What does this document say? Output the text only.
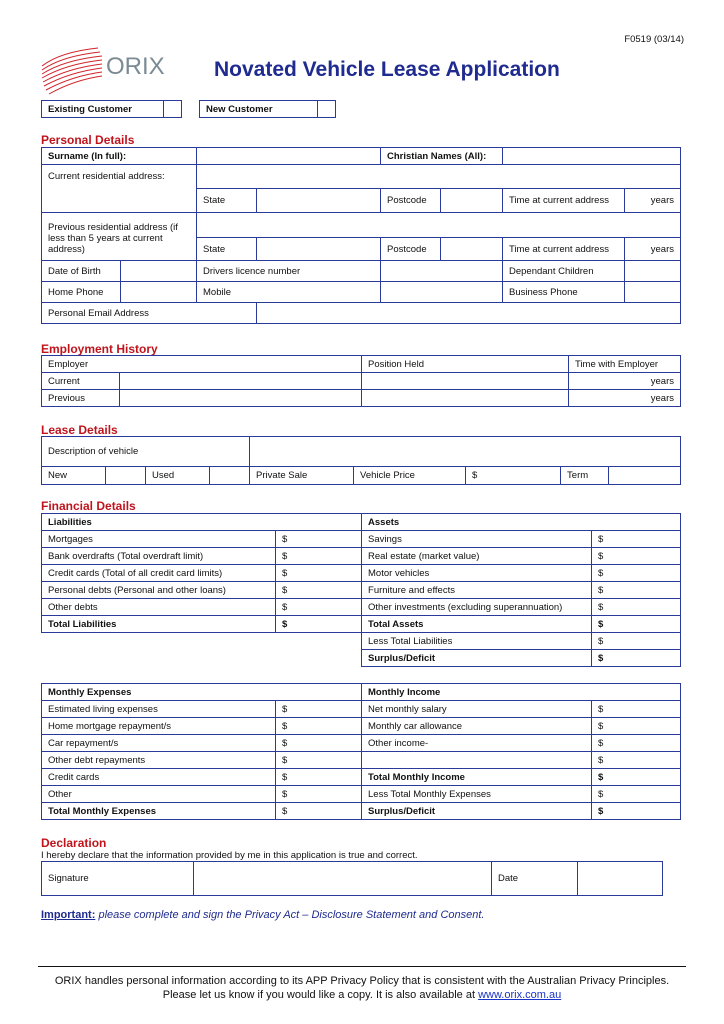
F0519 (03/14)
ORIX Novated Vehicle Lease Application
Existing Customer			New Customer	
Personal Details
Surname (In full):				Christian Names (All):			
Current residential address:							
		State		Postcode		Time at current address	years
Previous residential address (if less than 5 years at current address)							
		State		Postcode		Time at current address	years
Date of Birth		Drivers licence number				Dependant Children	
Home Phone		Mobile				Business Phone	
Personal Email Address							
Employment History
Employer		Position Held	Time with Employer
Current			years
Previous			years
Lease Details
Description of vehicle								
New		Used		Private Sale	Vehicle Price	$	Term	
Financial Details
Liabilities		Assets	
Mortgages	$	Savings	$
Bank overdrafts (Total overdraft limit)	$	Real estate (market value)	$
Credit cards (Total of all credit card limits)	$	Motor vehicles	$
Personal debts (Personal and other loans)	$	Furniture and effects	$
Other debts	$	Other investments (excluding superannuation)	$
Total Liabilities	$	Total Assets	$
		Less Total Liabilities	$
		Surplus/Deficit	$
Monthly Expenses		Monthly Income	
Estimated living expenses	$	Net monthly salary	$
Home mortgage repayment/s	$	Monthly car allowance	$
Car repayment/s	$	Other income-	$
Other debt repayments	$		$
Credit cards	$	Total Monthly Income	$
Other	$	Less Total Monthly Expenses	$
Total Monthly Expenses	$	Surplus/Deficit	$
Declaration
I hereby declare that the information provided by me in this application is true and correct.
Signature		Date	
Important: please complete and sign the Privacy Act – Disclosure Statement and Consent.
ORIX handles personal information according to its APP Privacy Policy that is consistent with the Australian Privacy Principles.
Please let us know if you would like a copy. It is also available at www.orix.com.au
